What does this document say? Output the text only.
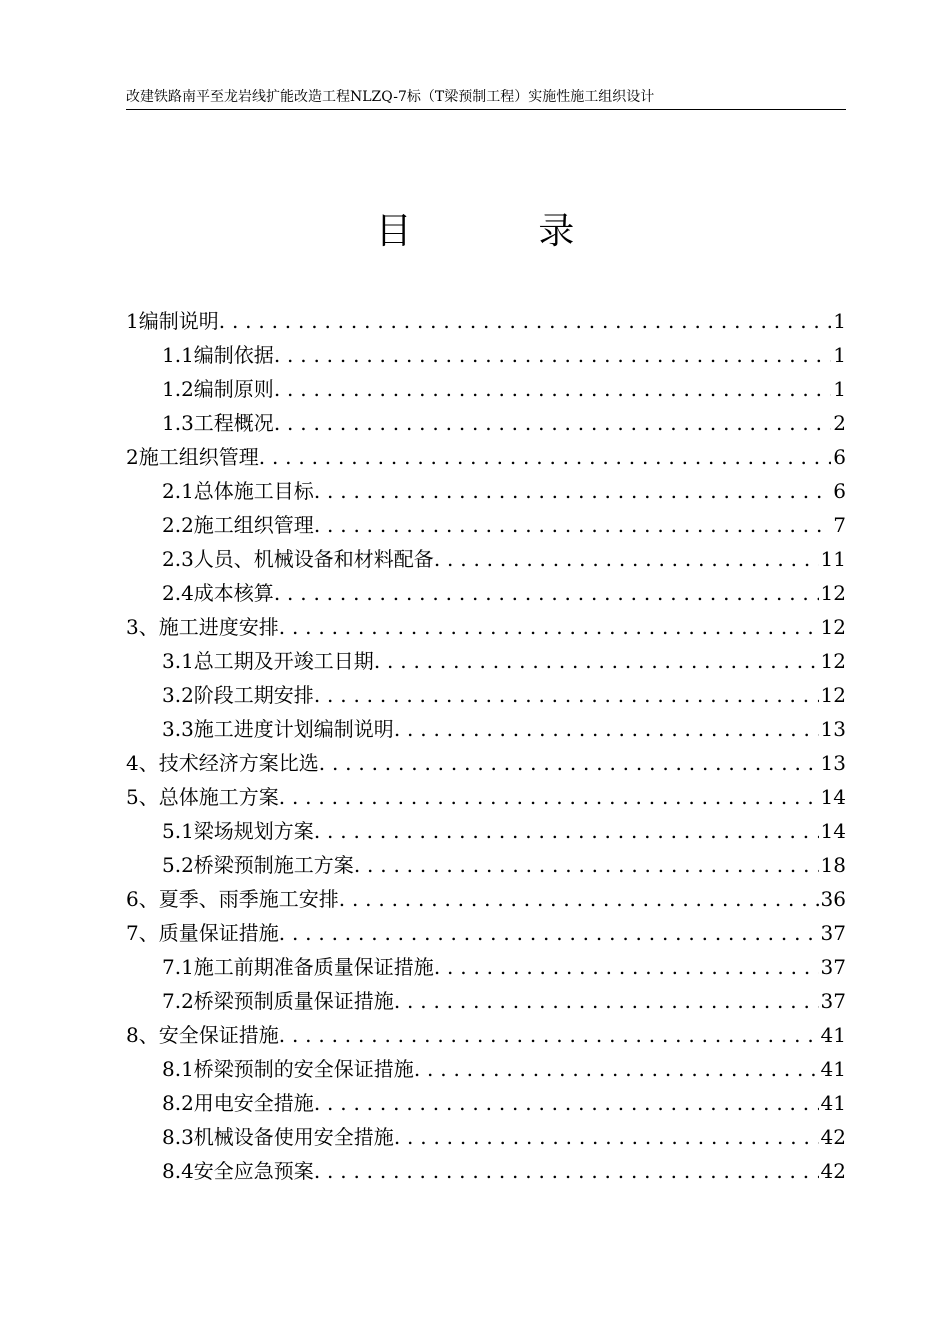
改建铁路南平至龙岩线扩能改造工程NLZQ-7标（T梁预制工程）实施性施工组织设计
目 录
1编制说明 . . .	1
1.1编制依据 . . .	1
1.2编制原则 . . .	1
1.3工程概况 . . .	2
2施工组织管理 . . .	6
2.1总体施工目标 . . .	6
2.2施工组织管理 . . .	7
2.3人员、机械设备和材料配备 . . .	11
2.4成本核算 . . .	12
3、施工进度安排 . . .	12
3.1总工期及开竣工日期 . . .	12
3.2阶段工期安排 . . .	12
3.3施工进度计划编制说明 . . .	13
4、技术经济方案比选 . . .	13
5、总体施工方案 . . .	14
5.1梁场规划方案 . . .	14
5.2桥梁预制施工方案 . . .	18
6、夏季、雨季施工安排 . . .	36
7、质量保证措施 . . .	37
7.1施工前期准备质量保证措施 . . .	37
7.2桥梁预制质量保证措施 . . .	37
8、安全保证措施 . . .	41
8.1桥梁预制的安全保证措施 . . .	41
8.2用电安全措施 . . .	41
8.3机械设备使用安全措施 . . .	42
8.4安全应急预案 . . .	42
